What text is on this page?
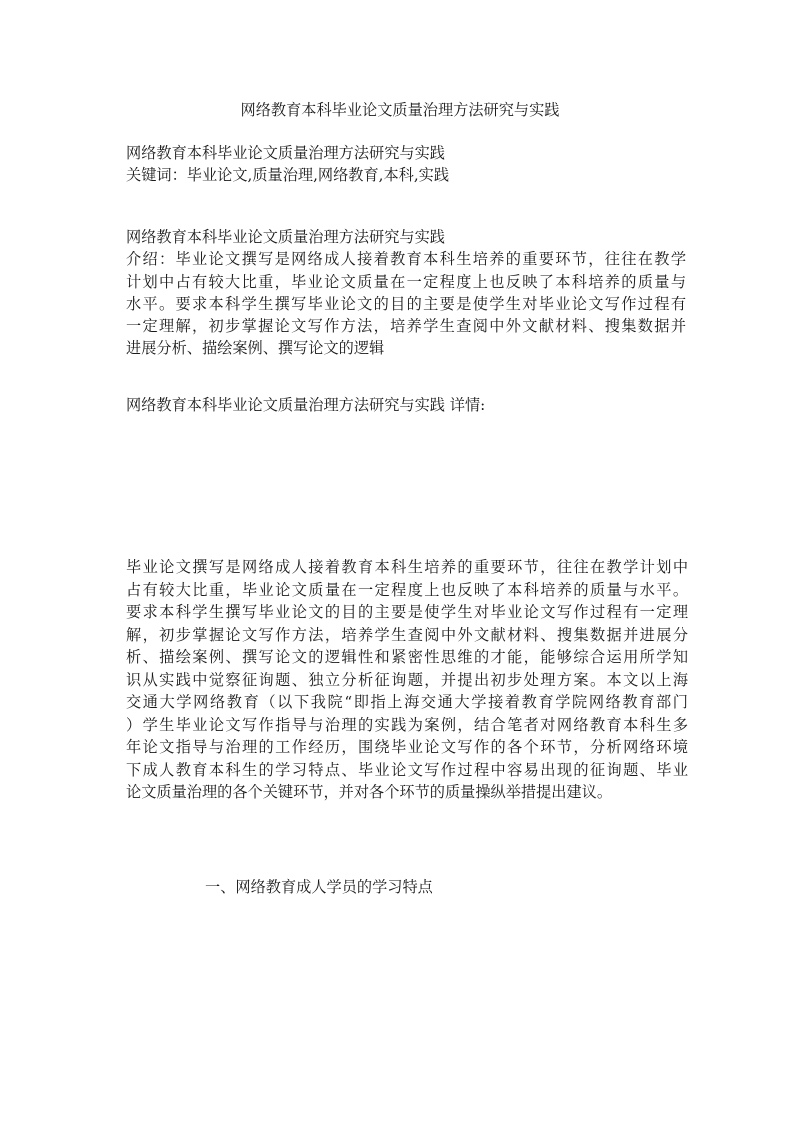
网络教育本科毕业论文质量治理方法研究与实践
网络教育本科毕业论文质量治理方法研究与实践
关键词：毕业论文,质量治理,网络教育,本科,实践
网络教育本科毕业论文质量治理方法研究与实践
介绍：毕业论文撰写是网络成人接着教育本科生培养的重要环节，往往在教学
计划中占有较大比重，毕业论文质量在一定程度上也反映了本科培养的质量与
水平。要求本科学生撰写毕业论文的目的主要是使学生对毕业论文写作过程有
一定理解，初步掌握论文写作方法，培养学生查阅中外文献材料、搜集数据并
进展分析、描绘案例、撰写论文的逻辑
网络教育本科毕业论文质量治理方法研究与实践 详情:
毕业论文撰写是网络成人接着教育本科生培养的重要环节，往往在教学计划中
占有较大比重，毕业论文质量在一定程度上也反映了本科培养的质量与水平。
要求本科学生撰写毕业论文的目的主要是使学生对毕业论文写作过程有一定理
解，初步掌握论文写作方法，培养学生查阅中外文献材料、搜集数据并进展分
析、描绘案例、撰写论文的逻辑性和紧密性思维的才能，能够综合运用所学知
识从实践中觉察征询题、独立分析征询题，并提出初步处理方案。本文以上海
交通大学网络教育（以下我院“即指上海交通大学接着教育学院网络教育部门
）学生毕业论文写作指导与治理的实践为案例，结合笔者对网络教育本科生多
年论文指导与治理的工作经历，围绕毕业论文写作的各个环节，分析网络环境
下成人教育本科生的学习特点、毕业论文写作过程中容易出现的征询题、毕业
论文质量治理的各个关键环节，并对各个环节的质量操纵举措提出建议。
一、网络教育成人学员的学习特点
